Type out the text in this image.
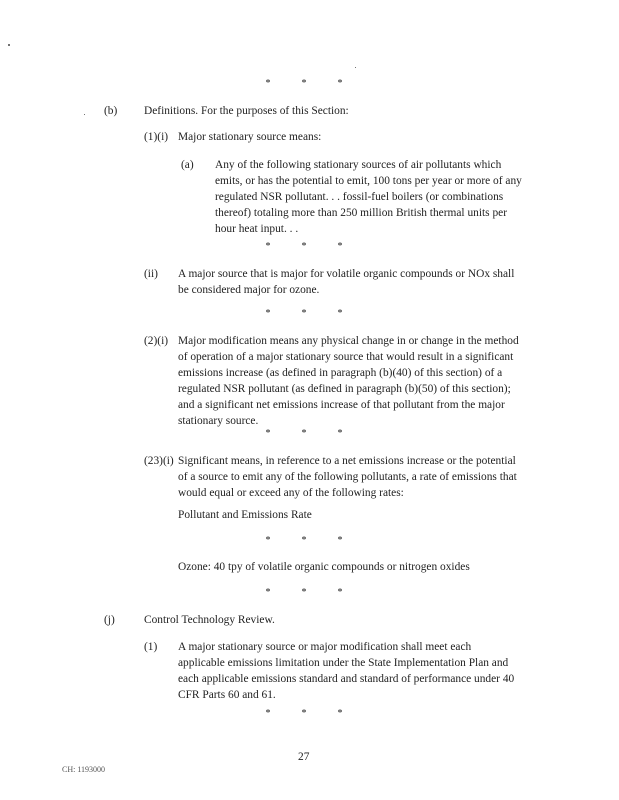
*	*	*
(b) Definitions. For the purposes of this Section:
(1)(i) Major stationary source means:
(a) Any of the following stationary sources of air pollutants which
emits, or has the potential to emit, 100 tons per year or more of any
regulated NSR pollutant. . . fossil-fuel boilers (or combinations
thereof) totaling more than 250 million British thermal units per
hour heat input. . .
*	*	*
(ii) A major source that is major for volatile organic compounds or NOx shall
be considered major for ozone.
*	*	*
(2)(i) Major modification means any physical change in or change in the method
of operation of a major stationary source that would result in a significant
emissions increase (as defined in paragraph (b)(40) of this section) of a
regulated NSR pollutant (as defined in paragraph (b)(50) of this section);
and a significant net emissions increase of that pollutant from the major
stationary source.
*	*	*
(23)(i) Significant means, in reference to a net emissions increase or the potential
of a source to emit any of the following pollutants, a rate of emissions that
would equal or exceed any of the following rates:
Pollutant and Emissions Rate
*	*	*
Ozone: 40 tpy of volatile organic compounds or nitrogen oxides
*	*	*
(j)	Control Technology Review.
(1) A major stationary source or major modification shall meet each
applicable emissions limitation under the State Implementation Plan and
each applicable emissions standard and standard of performance under 40
CFR Parts 60 and 61.
*	*	*
27
CH: 1193000
